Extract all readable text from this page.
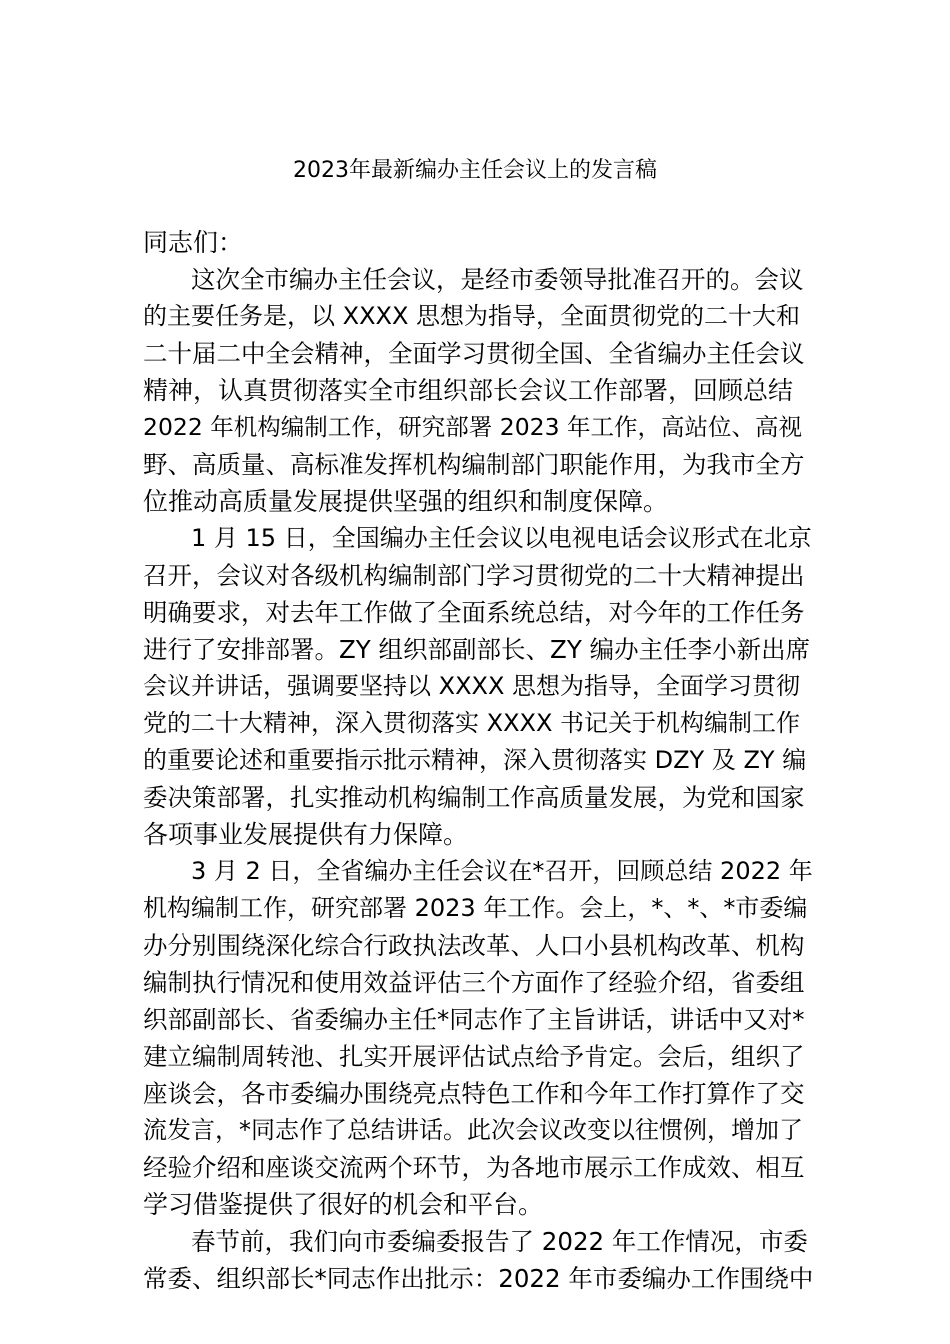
2023年最新编办主任会议上的发言稿
同志们：
这次全市编办主任会议，是经市委领导批准召开的。会议
的主要任务是，以 XXXX 思想为指导，全面贯彻党的二十大和
二十届二中全会精神，全面学习贯彻全国、全省编办主任会议
精神，认真贯彻落实全市组织部长会议工作部署，回顾总结
2022 年机构编制工作，研究部署 2023 年工作，高站位、高视
野、高质量、高标准发挥机构编制部门职能作用，为我市全方
位推动高质量发展提供坚强的组织和制度保障。
1 月 15 日，全国编办主任会议以电视电话会议形式在北京
召开，会议对各级机构编制部门学习贯彻党的二十大精神提出
明确要求，对去年工作做了全面系统总结，对今年的工作任务
进行了安排部署。ZY 组织部副部长、ZY 编办主任李小新出席
会议并讲话，强调要坚持以 XXXX 思想为指导，全面学习贯彻
党的二十大精神，深入贯彻落实 XXXX 书记关于机构编制工作
的重要论述和重要指示批示精神，深入贯彻落实 DZY 及 ZY 编
委决策部署，扎实推动机构编制工作高质量发展，为党和国家
各项事业发展提供有力保障。
3 月 2 日，全省编办主任会议在*召开，回顾总结 2022 年
机构编制工作，研究部署 2023 年工作。会上，*、*、*市委编
办分别围绕深化综合行政执法改革、人口小县机构改革、机构
编制执行情况和使用效益评估三个方面作了经验介绍，省委组
织部副部长、省委编办主任*同志作了主旨讲话，讲话中又对*
建立编制周转池、扎实开展评估试点给予肯定。会后，组织了
座谈会，各市委编办围绕亮点特色工作和今年工作打算作了交
流发言，*同志作了总结讲话。此次会议改变以往惯例，增加了
经验介绍和座谈交流两个环节，为各地市展示工作成效、相互
学习借鉴提供了很好的机会和平台。
春节前，我们向市委编委报告了 2022 年工作情况，市委
常委、组织部长*同志作出批示：2022 年市委编办工作围绕中
